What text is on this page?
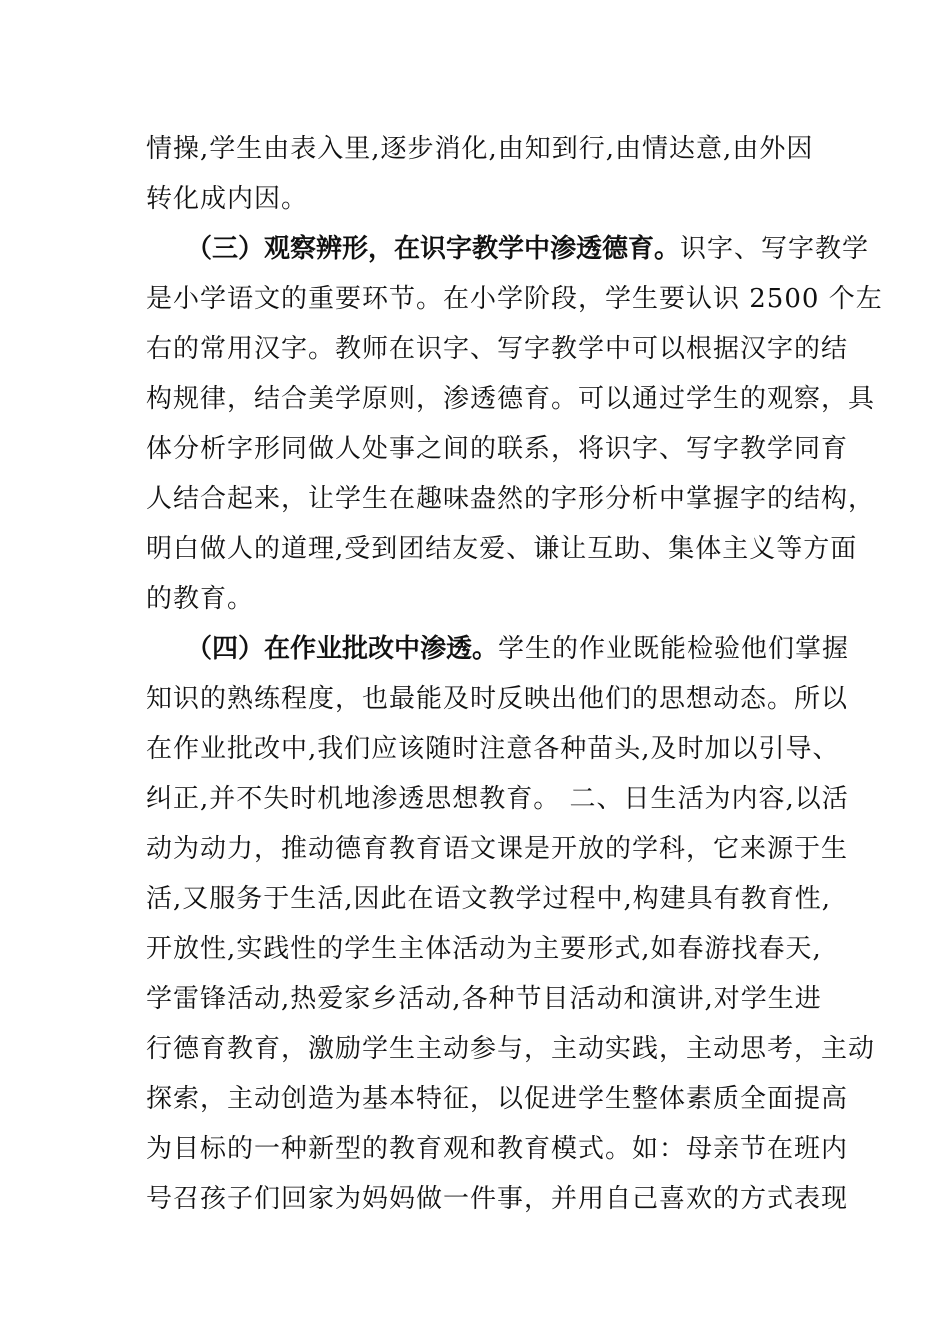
情操,学生由表入里,逐步消化,由知到行,由情达意,由外因
转化成内因。
（三）观察辨形，在识字教学中渗透德育。识字、写字教学
是小学语文的重要环节。在小学阶段，学生要认识 2500 个左
右的常用汉字。教师在识字、写字教学中可以根据汉字的结
构规律，结合美学原则，渗透德育。可以通过学生的观察，具
体分析字形同做人处事之间的联系，将识字、写字教学同育
人结合起来，让学生在趣味盎然的字形分析中掌握字的结构，
明白做人的道理,受到团结友爱、谦让互助、集体主义等方面
的教育。
（四）在作业批改中渗透。学生的作业既能检验他们掌握
知识的熟练程度，也最能及时反映出他们的思想动态。所以
在作业批改中,我们应该随时注意各种苗头,及时加以引导、
纠正,并不失时机地渗透思想教育。 二、日生活为内容,以活
动为动力，推动德育教育语文课是开放的学科，它来源于生
活,又服务于生活,因此在语文教学过程中,构建具有教育性,
开放性,实践性的学生主体活动为主要形式,如春游找春天,
学雷锋活动,热爱家乡活动,各种节目活动和演讲,对学生进
行德育教育，激励学生主动参与，主动实践，主动思考，主动
探索，主动创造为基本特征，以促进学生整体素质全面提高
为目标的一种新型的教育观和教育模式。如：母亲节在班内
号召孩子们回家为妈妈做一件事，并用自己喜欢的方式表现
